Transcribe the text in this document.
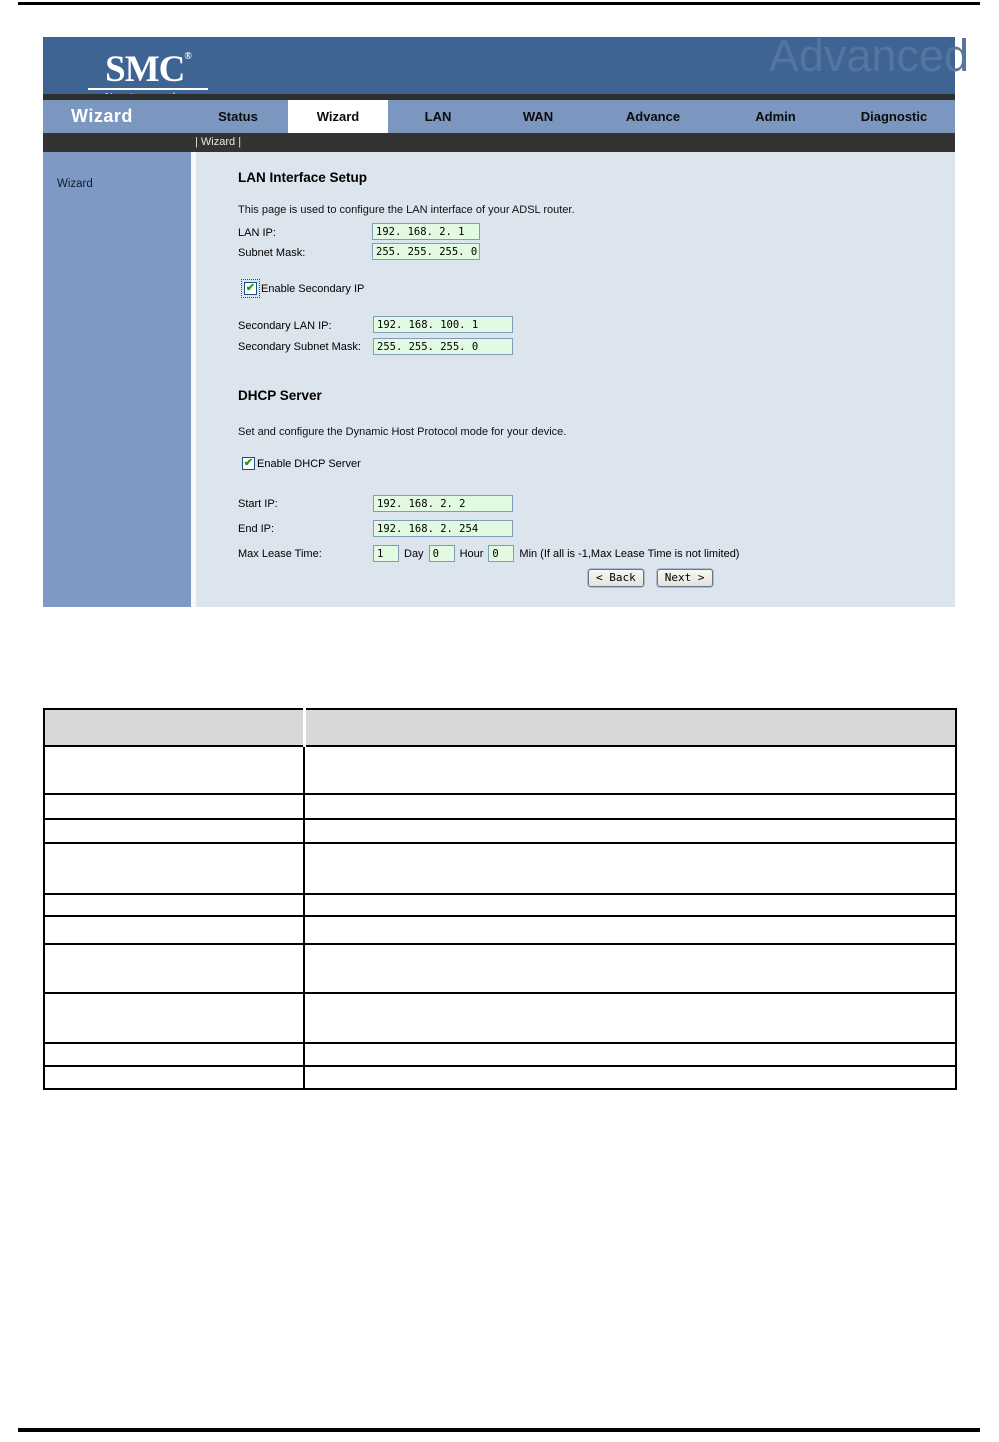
SMC®	Advanced
Wizard	Status	Wizard	LAN	WAN	Advance	Admin	Diagnostic
| Wizard |
Wizard	LAN Interface Setup
This page is used to configure the LAN interface of your ADSL router.
LAN IP:
192. 168. 2. 1
Subnet Mask:
255. 255. 255. 0
✔ Enable Secondary IP
Secondary LAN IP:
192. 168. 100. 1
Secondary Subnet Mask:
255. 255. 255. 0
DHCP Server
Set and configure the Dynamic Host Protocol mode for your device.
✔ Enable DHCP Server
Start IP:
192. 168. 2. 2
End IP:
192. 168. 2. 254
Max Lease Time:
1	Day
0	Hour
0	Min (If all is -1,Max Lease Time is not limited)
< Back	Next >
